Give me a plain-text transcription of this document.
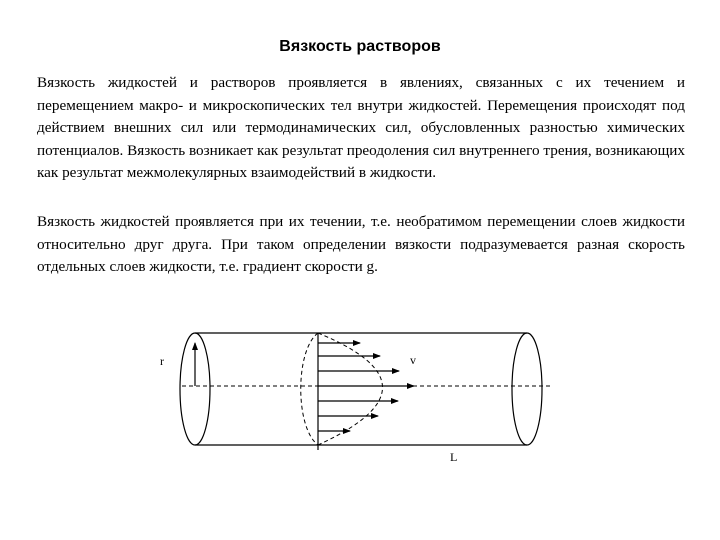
Вязкость растворов

Вязкость жидкостей и растворов проявляется в явлениях, связанных с их течением и перемещением макро- и микроскопических тел внутри жидкостей. Перемещения происходят под действием внешних сил или термодинамических сил, обусловленных разностью химических потенциалов. Вязкость возникает как результат преодоления сил внутреннего трения, возникающих как результат межмолекулярных взаимодействий в жидкости.

Вязкость жидкостей проявляется при их течении, т.е. необратимом перемещении слоев жидкости относительно друг друга. При таком определении вязкости подразумевается разная скорость отдельных слоев жидкости, т.е. градиент скорости g.

r	v
L
